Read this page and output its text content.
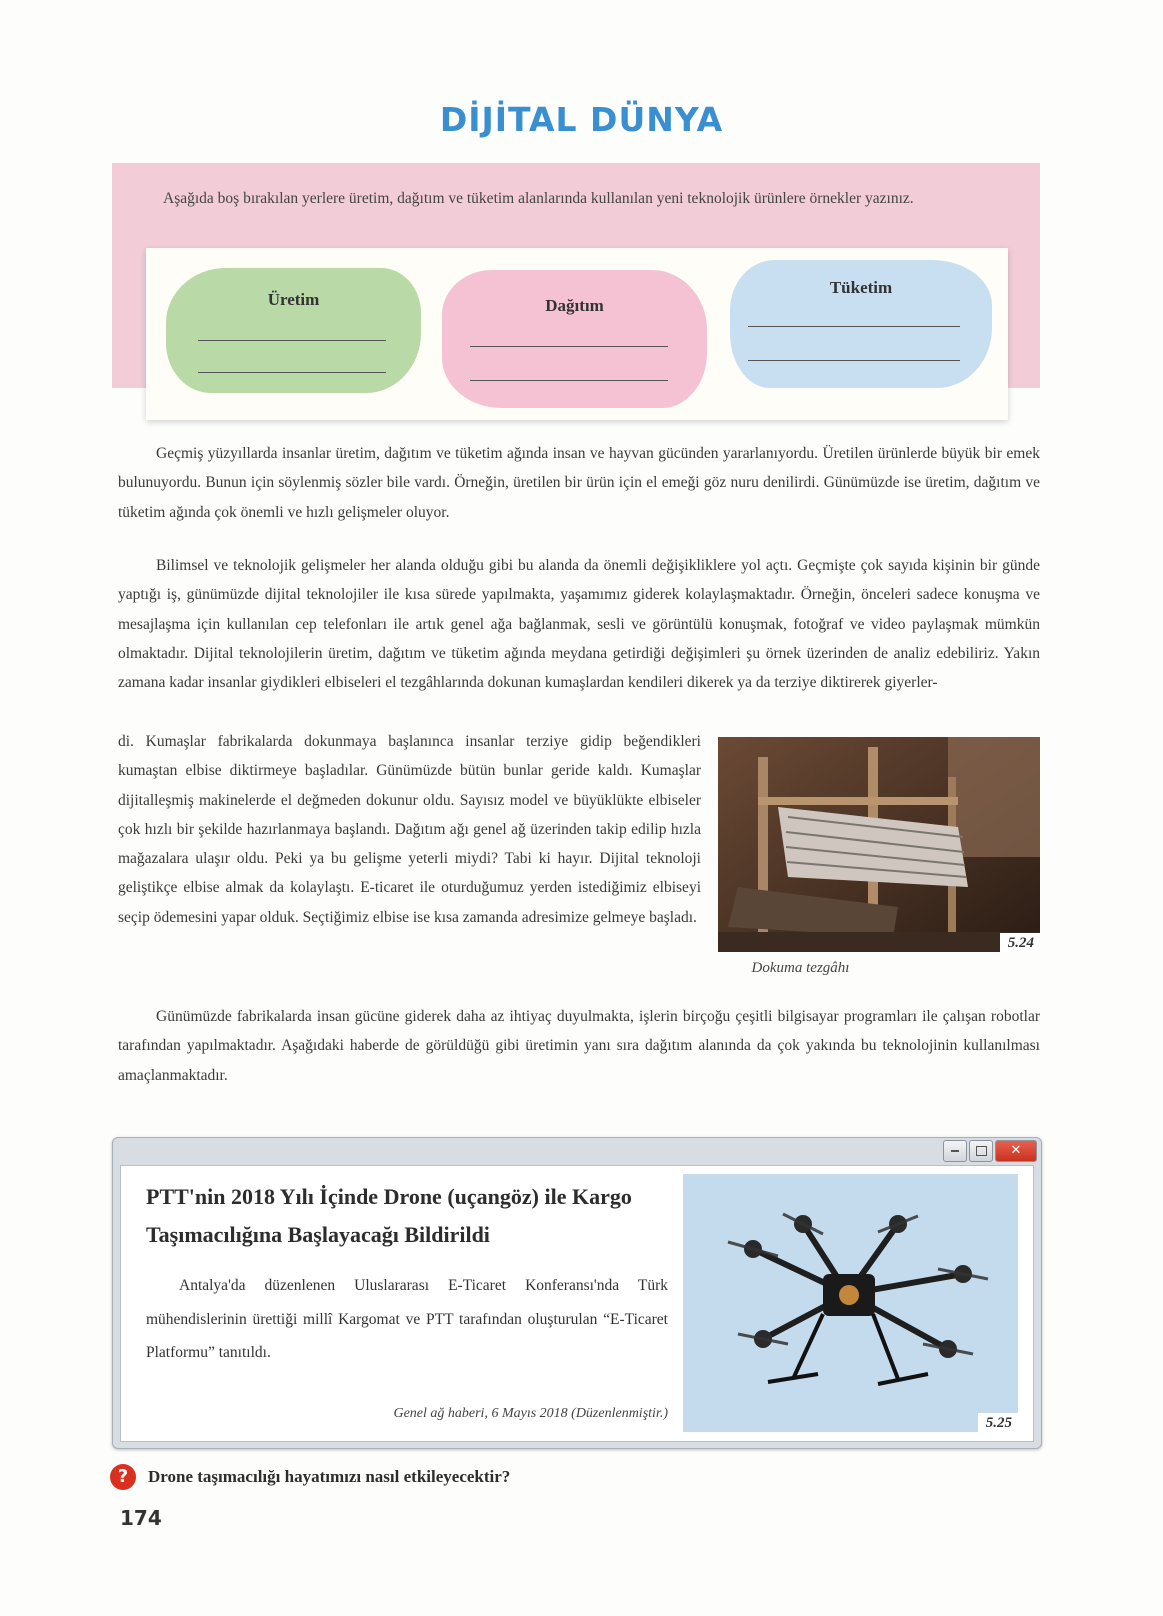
DİJİTAL DÜNYA

Aşağıda boş bırakılan yerlere üretim, dağıtım ve tüketim alanlarında kullanılan yeni teknolojik ürünlere örnekler yazınız.

Üretim	Dağıtım
Tüketim

Geçmiş yüzyıllarda insanlar üretim, dağıtım ve tüketim ağında insan ve hayvan gücünden yararlanıyordu. Üretilen ürünlerde büyük bir emek bulunuyordu. Bunun için söylenmiş sözler bile vardı. Örneğin, üretilen bir ürün için el emeği göz nuru denilirdi. Günümüzde ise üretim, dağıtım ve tüketim ağında çok önemli ve hızlı gelişmeler oluyor.

Bilimsel ve teknolojik gelişmeler her alanda olduğu gibi bu alanda da önemli değişikliklere yol açtı. Geçmişte çok sayıda kişinin bir günde yaptığı iş, günümüzde dijital teknolojiler ile kısa sürede yapılmakta, yaşamımız giderek kolaylaşmaktadır. Örneğin, önceleri sadece konuşma ve mesajlaşma için kullanılan cep telefonları ile artık genel ağa bağlanmak, sesli ve görüntülü konuşmak, fotoğraf ve video paylaşmak mümkün olmaktadır. Dijital teknolojilerin üretim, dağıtım ve tüketim ağında meydana getirdiği değişimleri şu örnek üzerinden de analiz edebiliriz. Yakın zamana kadar insanlar giydikleri elbiseleri el tezgâhlarında dokunan kumaşlardan kendileri dikerek ya da terziye diktirerek giyerler-

di. Kumaşlar fabrikalarda dokunmaya başlanınca insanlar terziye gidip beğendikleri kumaştan elbise diktirmeye başladılar. Günümüzde bütün bunlar geride kaldı. Kumaşlar dijitalleşmiş makinelerde el değmeden dokunur oldu. Sayısız model ve büyüklükte elbiseler çok hızlı bir şekilde hazırlanmaya başlandı. Dağıtım ağı genel ağ üzerinden takip edilip hızla mağazalara ulaşır oldu. Peki ya bu gelişme yeterli miydi? Tabi ki hayır. Dijital teknoloji geliştikçe elbise almak da kolaylaştı. E-ticaret ile oturduğumuz yerden istediğimiz elbiseyi seçip ödemesini yapar olduk. Seçtiğimiz elbise ise kısa zamanda adresimize gelmeye başladı.

5.24
Dokuma tezgâhı

Günümüzde fabrikalarda insan gücüne giderek daha az ihtiyaç duyulmakta, işlerin birçoğu çeşitli bilgisayar programları ile çalışan robotlar tarafından yapılmaktadır. Aşağıdaki haberde de görüldüğü gibi üretimin yanı sıra dağıtım alanında da çok yakında bu teknolojinin kullanılması amaçlanmaktadır.

✕
PTT'nin 2018 Yılı İçinde Drone (uçangöz) ile Kargo Taşımacılığına Başlayacağı Bildirildi

Antalya'da düzenlenen Uluslararası E-Ticaret Konferansı'nda Türk mühendislerinin ürettiği millî Kargomat ve PTT tarafından oluşturulan “E-Ticaret Platformu” tanıtıldı.

Genel ağ haberi, 6 Mayıs 2018 (Düzenlenmiştir.)
5.25
?	Drone taşımacılığı hayatımızı nasıl etkileyecektir?
174
